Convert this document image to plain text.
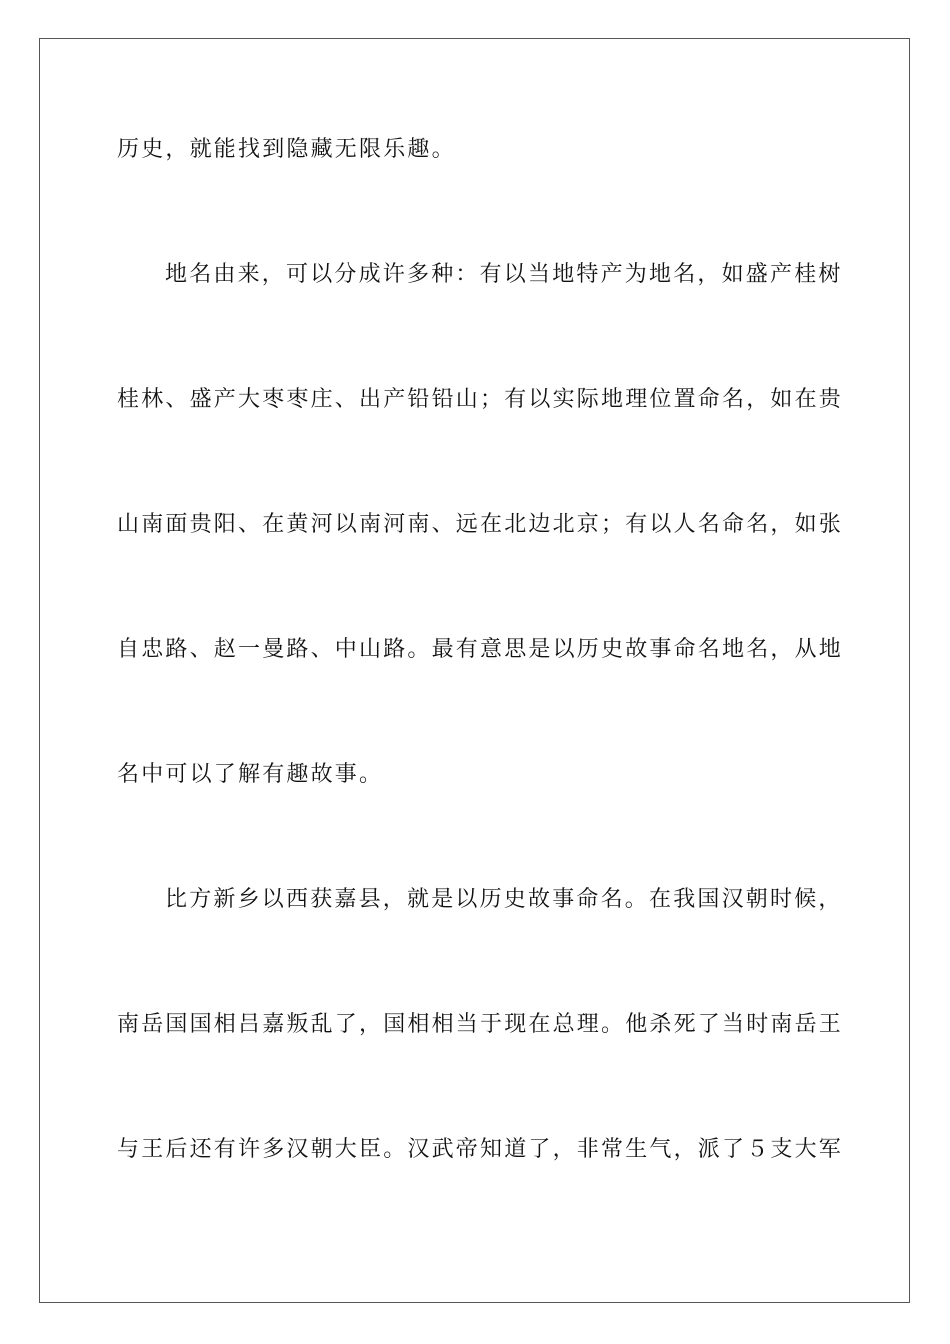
历史，就能找到隐藏无限乐趣。
地名由来，可以分成许多种：有以当地特产为地名，如盛产桂树
桂林、盛产大枣枣庄、出产铅铅山；有以实际地理位置命名，如在贵
山南面贵阳、在黄河以南河南、远在北边北京；有以人名命名，如张
自忠路、赵一曼路、中山路。最有意思是以历史故事命名地名，从地
名中可以了解有趣故事。
比方新乡以西获嘉县，就是以历史故事命名。在我国汉朝时候，
南岳国国相吕嘉叛乱了，国相相当于现在总理。他杀死了当时南岳王
与王后还有许多汉朝大臣。汉武帝知道了，非常生气，派了５支大军
